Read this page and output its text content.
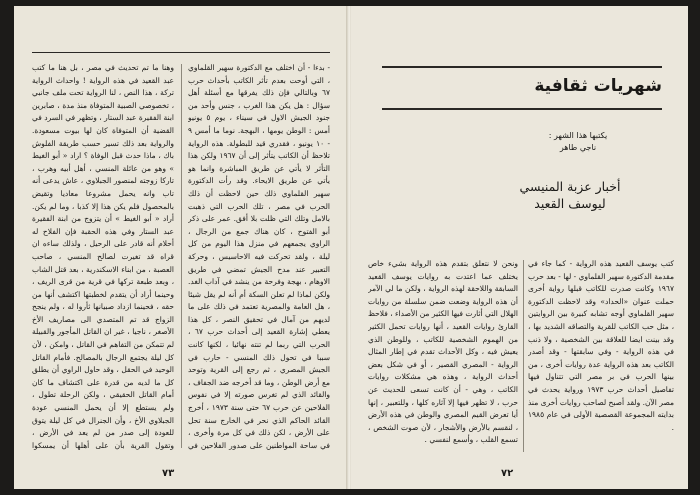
- بدءا - أن اختلف مع الدكتورة سهير القلماوي ، التي أوحت بعدم تأثر الكاتب بأحداث حرب ٦٧ وبالتالي فإن ذلك يفرقها مع أسئلة أهل سؤال : هل يكن هذا الغرب ، جنس وأحد من جنود الجيش الاول في سيناء ، يوم ٥ يونيو أمس : الوطن يومها ، البهجة. نوما ما أمس ٩ - ١٠ يونيو ، فقدري قيد للبطولة. هذه الرواية تلاحظ أن الكاتب يتأثر إلى أن ١٩٦٧ ولكن هذا التأثر لا يأتي عن طريق المباشرة وانما هو يأتي عن طريق الايحاء. وقد رأت الدكتورة سهير القلماوي ذلك حين لاحظت أن ذلك الحرب في مصر ، تلك الحرب التي ذهبت بالامل وتلك التي ظلت بلا أفق. عمر على ذكر أبو الفتوح ، كان هناك جمع من الرجال ، الراوي يجمعهم في منزل هذا اليوم من كل ليلة ، ولقد تحركت فيه الاحاسيس ، وحركة التعبير عند مدح الجيش تمضي في طريق الاوهام ، بهجة وفرحة من ينشد في آداب الغد. ولكن لماذا لم تعلن السكة أم أنه لم يقل شيئا ، هل العامة والمصرية تعتمد في ذلك على ما لديهم من آمال في تحقيق النصر ، كل هذا يعطي إشارة القعيد إلى أحداث حرب ٦٧ ، الحرب التي ربما لم تنته نهائيا ، لكنها كانت سببا في تحول ذلك المنسي - حارب في الجيش المصري ، ثم رجع إلى القرية وتوحد مع أرض الوطن ، وما قد أخرجه ضد الجفاف ، والقائد الذي لم تغرس صورته إلا في نفوس الفلاحين عن حرب ٦٧ حتى سنة ١٩٧٣ ، أخرج القائد الحاكم الذي نحر في الخارج سنة تحل على الأرض ، لكن ذلك في كل مرة وأخرى ، في ساحة المواطنين على صدور الفلاحين في
وهنا ما تم تحديث في مصر ، بل هنا ما كتب عبد القعيد في هذه الرواية ! واحداث الرواية تركة ، هذا النص ، لنا الرواية تحت ملف جانبي ، تخصوصي الصبية المتوفاة منذ مدة ، صابرين ابنة الفقيرة عبد الستار ، وتظهر في السرد في القضية أن المتوفاة كان لها بيوت مسعودة. والرواية بعد ذلك تسير حسب طريقة الفلوش باك ، ماذا حدث قبل الوفاة ؟ اراد « أبو الغيط » وهو من عائلة المنسي ، أهل أبيه وهرب ، تاركا زوجته لمنصور الجبلاوي ، عاش يدعى أنه تاب وانه يحمل مشروعا معاديا وتقيض بالمحصول فلم يكن هذا إلا كذبا ، وما لم يكن. أراد « أبو الغيط » أن يتزوج من ابنة الفقيرة عبد الستار وفي هذه الحقبة فإن الفلاح له أحلام أنه قادر على الرحيل ، ولذلك ساءه ان قراه قد تغيرت لصالح المنسي ، صاحب العصبة ، من ابناء الاسكندرية ، بعد قتل الشاب ، وبعد طبعة تركها في قرية من قرى الريف ، وحينما أراد أن يتقدم لخطبتها اكتشف أنها من حقه ، فحينما ازداد صبيانها ثأروا له ، ولم ينجح الزواج قد تم المتصدي الى مصاريف الأخ الأصغر ، ناجيا ، غير ان القاتل المأجور والقبيلة لم تتمكن من التفاهم في القاتل ، وامكن ، لأن كل ليلة يجتمع الرجال بالمصالح. فأمام القاتل الوحيد في الحقل ، وقد حاول الراوي أن يطلق كل ما لديه من قدرة على اكتشاف ما كان أمام القاتل الحقيقي ، ولكن الرحلة تطول ، ولم يستطع إلا أن يحمل المنسي عودة الجبلاوي الأخ ، وأن الجنرال في كل ليلة يتوق للعودة إلى صدر من لم يعد في الأرض ، وتقول القرية بأن على أهلها أن يمسكوا
٧٣
شهريات ثقافية
يكتبها هذا الشهر :
ناجي طاهر
أخبار عزبة المنيسي
ليوسف القعيد
كتب يوسف القعيد هذه الرواية - كما جاء في مقدمة الدكتورة سهير القلماوي - لها - بعد حرب ١٩٦٧ وكانت صدرت للكاتب قبلها رواية أخرى حملت عنوان «الحداد» وقد لاحظت الدكتورة سهير القلماوي أوجه تشابه كبيرة بين الروايتين ، مثل حب الكاتب للقرية والتصاقه الشديد بها ، وقد بينت ايضا للعلاقة بين الشخصية ، ولا ذنب في هذه الرواية - وفي سابقتها - وقد أصدر الكاتب بعد هذه الرواية عدة روايات أخرى ، من بينها الحرب في بر مصر التي تتناول فيها تفاصيل أحداث حرب ١٩٧٣ ورواية يحدث في مصر الآن. ولقد أصبح لصاحب روايات أخرى منذ بدايته المجموعة القصصية الأولى في عام ١٩٨٥ .
ونحن لا نتعلق بتقدم هذه الرواية بشيء خاص يختلف عما اعتدت به روايات يوسف القعيد السابقة واللاحقة لهذه الرواية ، ولكن ما لي الآمر أن هذه الرواية وضعت ضمن سلسلة من روايات الهلال التي أثارت فيها الكثير من الأصداء ، فلاحظ القارئ روايات القعيد ، أنها روايات تحمل الكثير من الهموم الشخصية للكاتب ، وللوطن الذي يعيش فيه ، وكل الأحداث تقدم في إطار المثال الرواية - المصري القصير ، أو في شكل بعض أحداث الرواية ، وهذه هي مشكلات روايات الكاتب ، وهي - أن كانت تسعى للحديث عن حرب ، لا تظهر فيها إلا آثاره كلها ، وللتعبير ، إنها أيا تعرض القيم المصري والوطن في هذه الأرض ، لنقسم بالأرض والأشجار ، لأن صوت الشخص ، تسمع القلب ، وأسمع لنفسي .
٧٢
